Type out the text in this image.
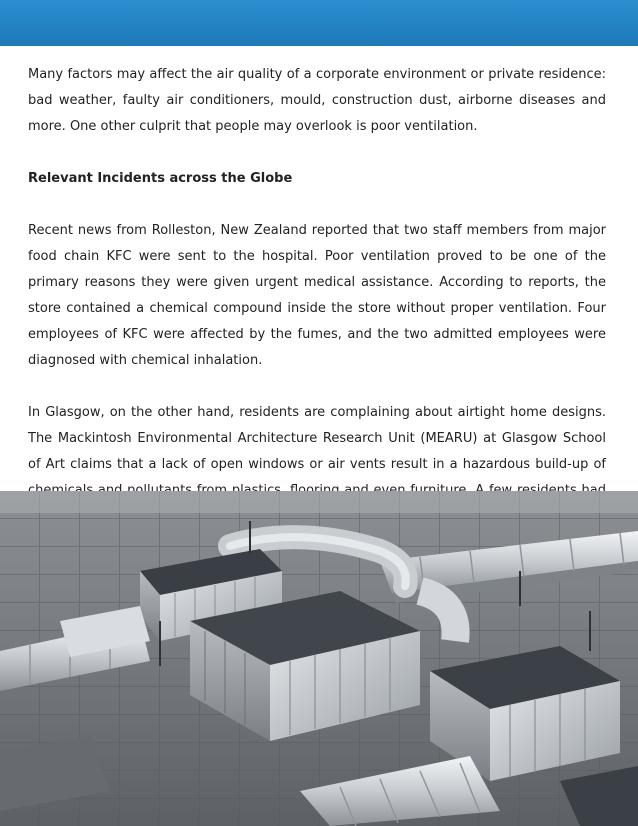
Many factors may affect the air quality of a corporate environment or private residence: bad weather, faulty air conditioners, mould, construction dust, airborne diseases and more. One other culprit that people may overlook is poor ventilation.

Relevant Incidents across the Globe

Recent news from Rolleston, New Zealand reported that two staff members from major food chain KFC were sent to the hospital. Poor ventilation proved to be one of the primary reasons they were given urgent medical assistance. According to reports, the store contained a chemical compound inside the store without proper ventilation. Four employees of KFC were affected by the fumes, and the two admitted employees were diagnosed with chemical inhalation.

In Glasgow, on the other hand, residents are complaining about airtight home designs. The Mackintosh Environmental Architecture Research Unit (MEARU) at Glasgow School of Art claims that a lack of open windows or air vents result in a hazardous build-up of
